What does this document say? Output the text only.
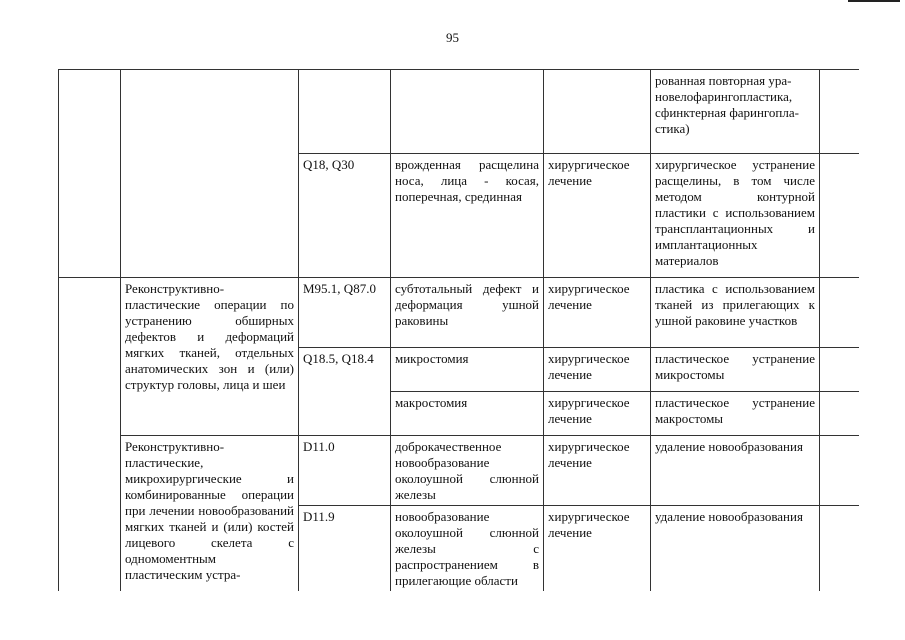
95
					рованная повторная ура-
новелофарингопластика,
сфинктерная фарингопла-
стика)	
		Q18, Q30	врожденная расщелина носа, лица - косая, поперечная, срединная	хирургическое лечение	хирургическое устранение расщелины, в том числе методом контурной пластики с использованием трансплантационных и имплантационных материалов	
	Реконструктивно-пластические операции по устранению обширных дефектов и деформаций мягких тканей, отдельных анатомических зон и (или) структур головы, лица и шеи	M95.1, Q87.0	субтотальный дефект и деформация ушной раковины	хирургическое лечение	пластика с использованием тканей из прилегающих к ушной раковине участков	
		Q18.5, Q18.4	микростомия	хирургическое лечение	пластическое устранение микростомы	
			макростомия	хирургическое лечение	пластическое устранение макростомы	
	Реконструктивно-пластические, микрохирургические и комбинированные операции при лечении новообразований мягких тканей и (или) костей лицевого скелета с одномоментным пластическим устра-	D11.0	доброкачественное новообразование околоушной слюнной железы	хирургическое лечение	удаление новообразования	
		D11.9	новообразование околоушной слюнной железы с распространением в прилегающие области	хирургическое лечение	удаление новообразования	
